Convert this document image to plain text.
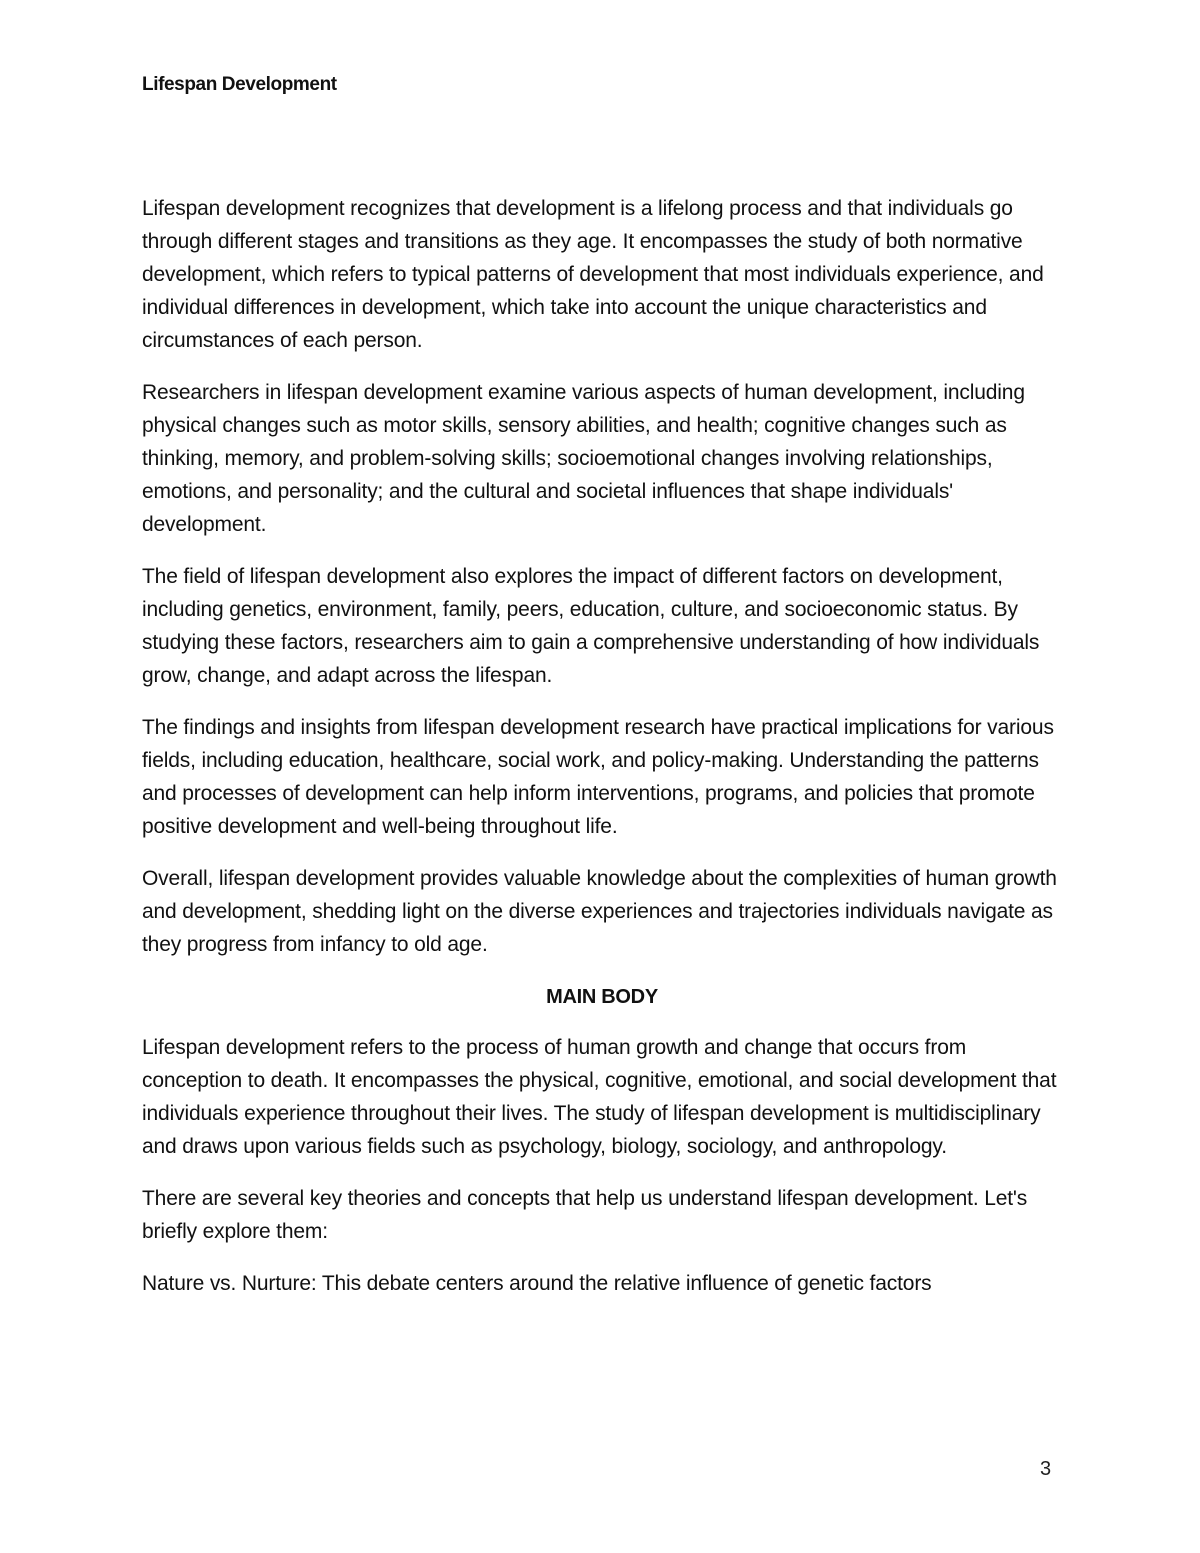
Lifespan Development

Lifespan development recognizes that development is a lifelong process and that individuals go through different stages and transitions as they age. It encompasses the study of both normative development, which refers to typical patterns of development that most individuals experience, and individual differences in development, which take into account the unique characteristics and circumstances of each person.

Researchers in lifespan development examine various aspects of human development, including physical changes such as motor skills, sensory abilities, and health; cognitive changes such as thinking, memory, and problem-solving skills; socioemotional changes involving relationships, emotions, and personality; and the cultural and societal influences that shape individuals' development.

The field of lifespan development also explores the impact of different factors on development, including genetics, environment, family, peers, education, culture, and socioeconomic status. By studying these factors, researchers aim to gain a comprehensive understanding of how individuals grow, change, and adapt across the lifespan.

The findings and insights from lifespan development research have practical implications for various fields, including education, healthcare, social work, and policy-making. Understanding the patterns and processes of development can help inform interventions, programs, and policies that promote positive development and well-being throughout life.

Overall, lifespan development provides valuable knowledge about the complexities of human growth and development, shedding light on the diverse experiences and trajectories individuals navigate as they progress from infancy to old age.

MAIN BODY

Lifespan development refers to the process of human growth and change that occurs from conception to death. It encompasses the physical, cognitive, emotional, and social development that individuals experience throughout their lives. The study of lifespan development is multidisciplinary and draws upon various fields such as psychology, biology, sociology, and anthropology.

There are several key theories and concepts that help us understand lifespan development. Let's briefly explore them:

Nature vs. Nurture: This debate centers around the relative influence of genetic factors

3
